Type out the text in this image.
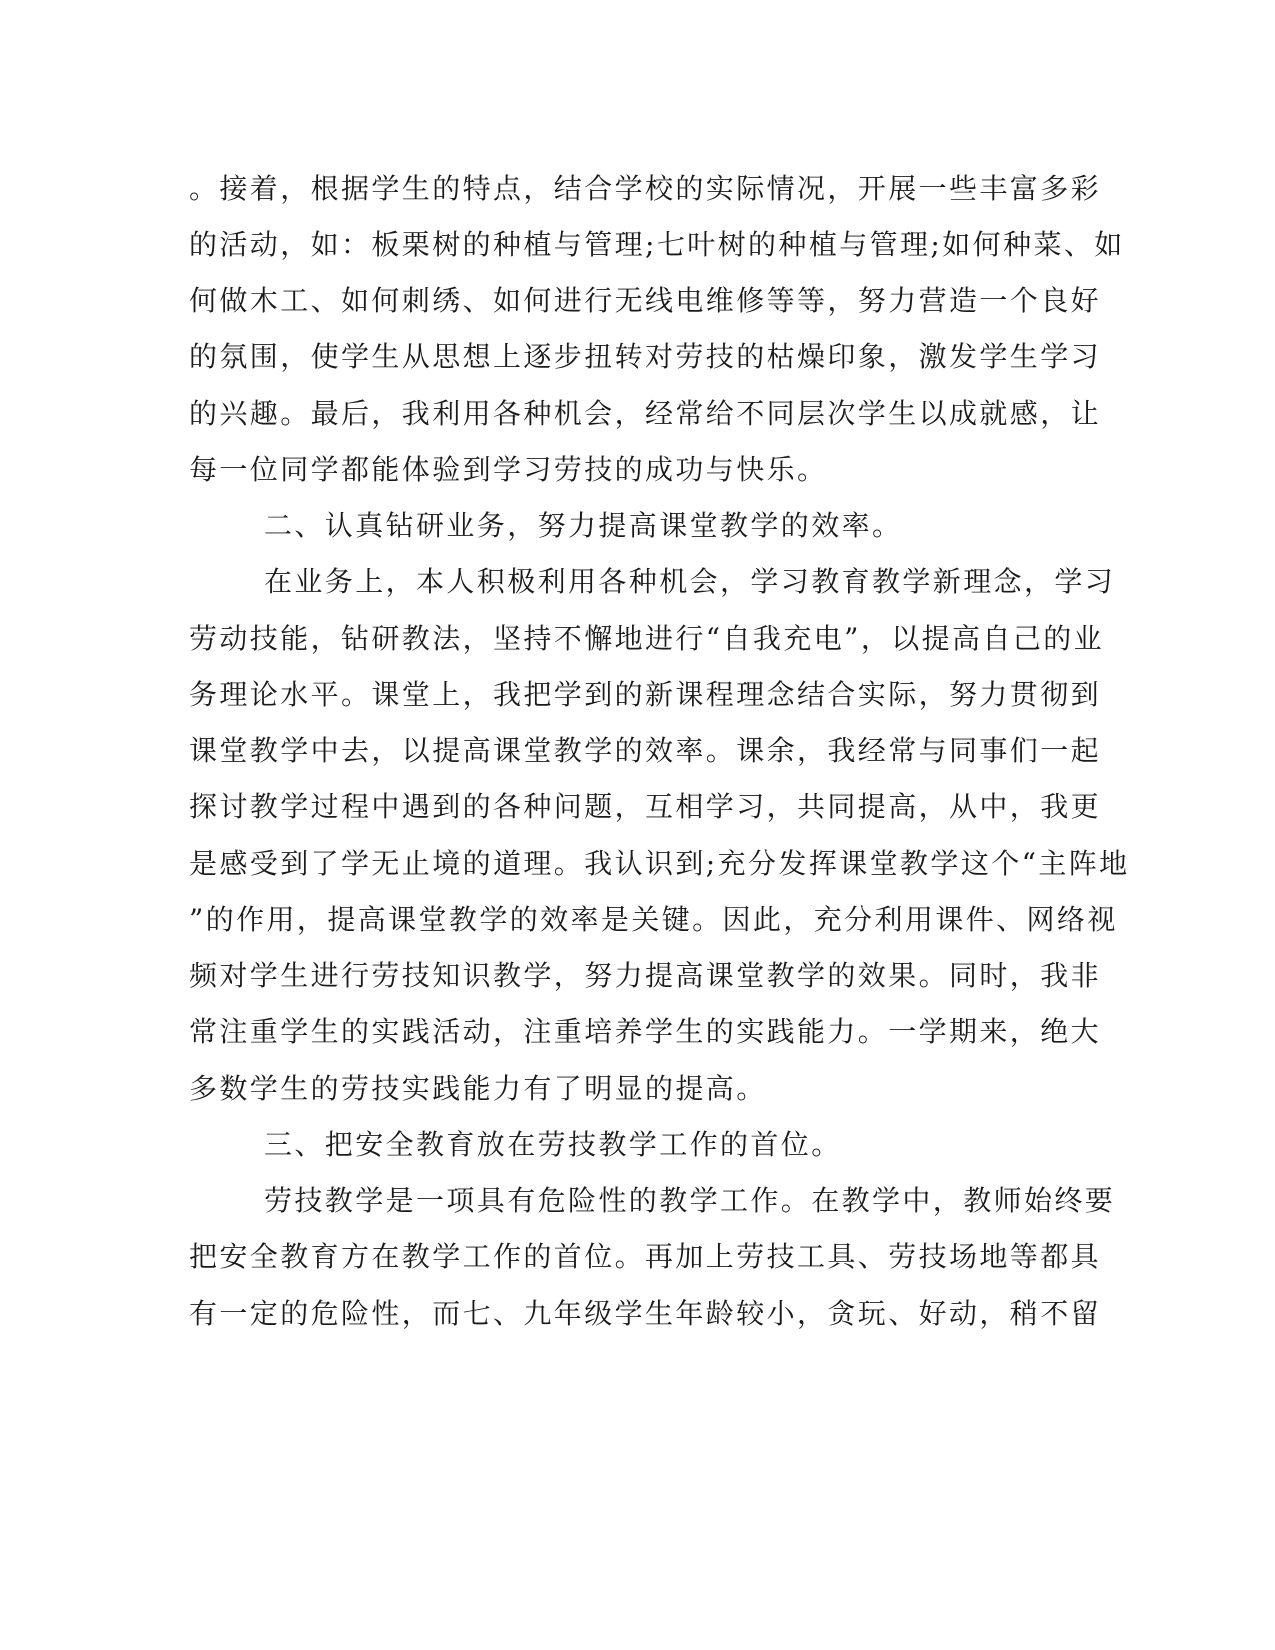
。接着，根据学生的特点，结合学校的实际情况，开展一些丰富多彩
的活动，如：板栗树的种植与管理;七叶树的种植与管理;如何种菜、如
何做木工、如何刺绣、如何进行无线电维修等等，努力营造一个良好
的氛围，使学生从思想上逐步扭转对劳技的枯燥印象，激发学生学习
的兴趣。最后，我利用各种机会，经常给不同层次学生以成就感，让
每一位同学都能体验到学习劳技的成功与快乐。
二、认真钻研业务，努力提高课堂教学的效率。
在业务上，本人积极利用各种机会，学习教育教学新理念，学习
劳动技能，钻研教法，坚持不懈地进行“自我充电”，以提高自己的业
务理论水平。课堂上，我把学到的新课程理念结合实际，努力贯彻到
课堂教学中去，以提高课堂教学的效率。课余，我经常与同事们一起
探讨教学过程中遇到的各种问题，互相学习，共同提高，从中，我更
是感受到了学无止境的道理。我认识到;充分发挥课堂教学这个“主阵地
”的作用，提高课堂教学的效率是关键。因此，充分利用课件、网络视
频对学生进行劳技知识教学，努力提高课堂教学的效果。同时，我非
常注重学生的实践活动，注重培养学生的实践能力。一学期来，绝大
多数学生的劳技实践能力有了明显的提高。
三、把安全教育放在劳技教学工作的首位。
劳技教学是一项具有危险性的教学工作。在教学中，教师始终要
把安全教育方在教学工作的首位。再加上劳技工具、劳技场地等都具
有一定的危险性，而七、九年级学生年龄较小，贪玩、好动，稍不留
